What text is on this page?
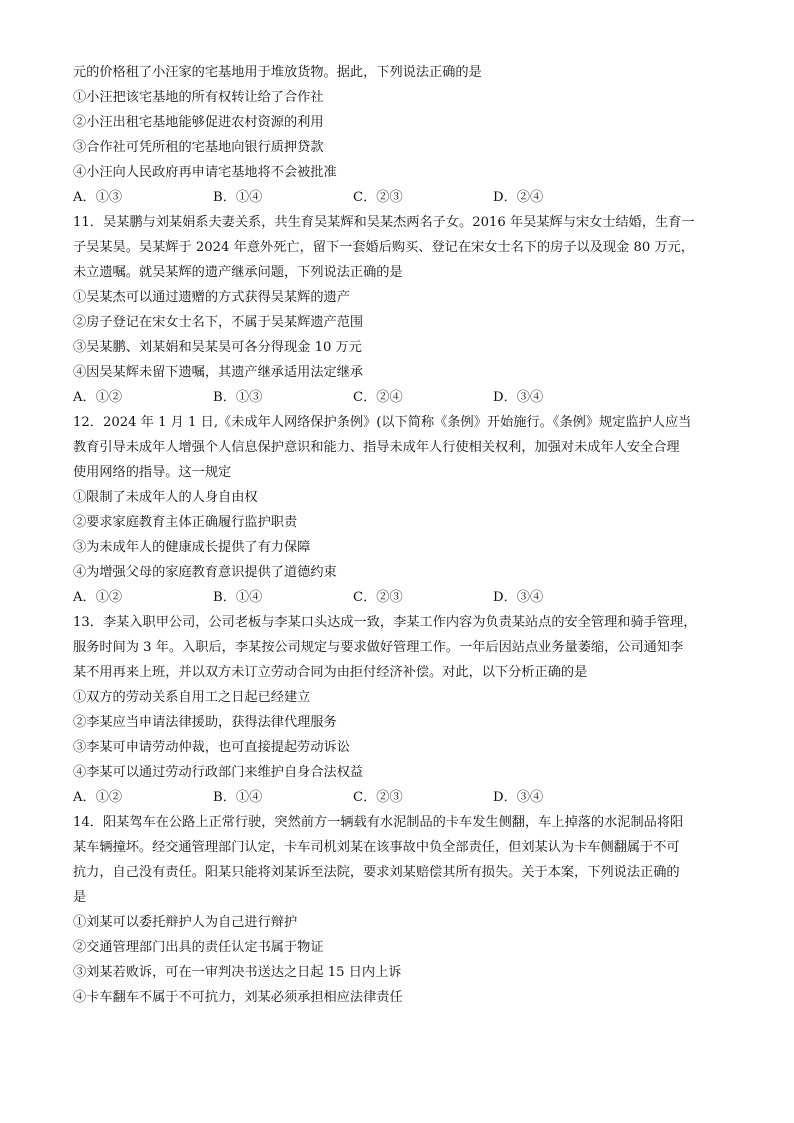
元的价格租了小汪家的宅基地用于堆放货物。据此，下列说法正确的是
①小汪把该宅基地的所有权转让给了合作社
②小汪出租宅基地能够促进农村资源的利用
③合作社可凭所租的宅基地向银行质押贷款
④小汪向人民政府再申请宅基地将不会被批准
A．①③	B．①④	C．②③	D．②④
11．吴某鹏与刘某娟系夫妻关系，共生育吴某辉和吴某杰两名子女。2016 年吴某辉与宋女士结婚，生育一
子吴某昊。吴某辉于 2024 年意外死亡，留下一套婚后购买、登记在宋女士名下的房子以及现金 80 万元，
未立遗嘱。就吴某辉的遗产继承问题，下列说法正确的是
①吴某杰可以通过遗赠的方式获得吴某辉的遗产
②房子登记在宋女士名下，不属于吴某辉遗产范围
③吴某鹏、刘某娟和吴某昊可各分得现金 10 万元
④因吴某辉未留下遗嘱，其遗产继承适用法定继承
A．①②	B．①③	C．②④	D．③④
12．2024 年 1 月 1 日,《未成年人网络保护条例》(以下简称《条例》开始施行。《条例》规定监护人应当
教育引导未成年人增强个人信息保护意识和能力、指导未成年人行使相关权利，加强对未成年人安全合理
使用网络的指导。这一规定
①限制了未成年人的人身自由权
②要求家庭教育主体正确履行监护职责
③为未成年人的健康成长提供了有力保障
④为增强父母的家庭教育意识提供了道德约束
A．①②	B．①④	C．②③	D．③④
13．李某入职甲公司，公司老板与李某口头达成一致，李某工作内容为负责某站点的安全管理和骑手管理，
服务时间为 3 年。入职后，李某按公司规定与要求做好管理工作。一年后因站点业务量萎缩，公司通知李
某不用再来上班，并以双方未订立劳动合同为由拒付经济补偿。对此，以下分析正确的是
①双方的劳动关系自用工之日起已经建立
②李某应当申请法律援助，获得法律代理服务
③李某可申请劳动仲裁，也可直接提起劳动诉讼
④李某可以通过劳动行政部门来维护自身合法权益
A．①②	B．①④	C．②③	D．③④
14．阳某驾车在公路上正常行驶，突然前方一辆载有水泥制品的卡车发生侧翻，车上掉落的水泥制品将阳
某车辆撞坏。经交通管理部门认定，卡车司机刘某在该事故中负全部责任，但刘某认为卡车侧翻属于不可
抗力，自己没有责任。阳某只能将刘某诉至法院，要求刘某赔偿其所有损失。关于本案，下列说法正确的
是
①刘某可以委托辩护人为自己进行辩护
②交通管理部门出具的责任认定书属于物证
③刘某若败诉，可在一审判决书送达之日起 15 日内上诉
④卡车翻车不属于不可抗力，刘某必须承担相应法律责任
